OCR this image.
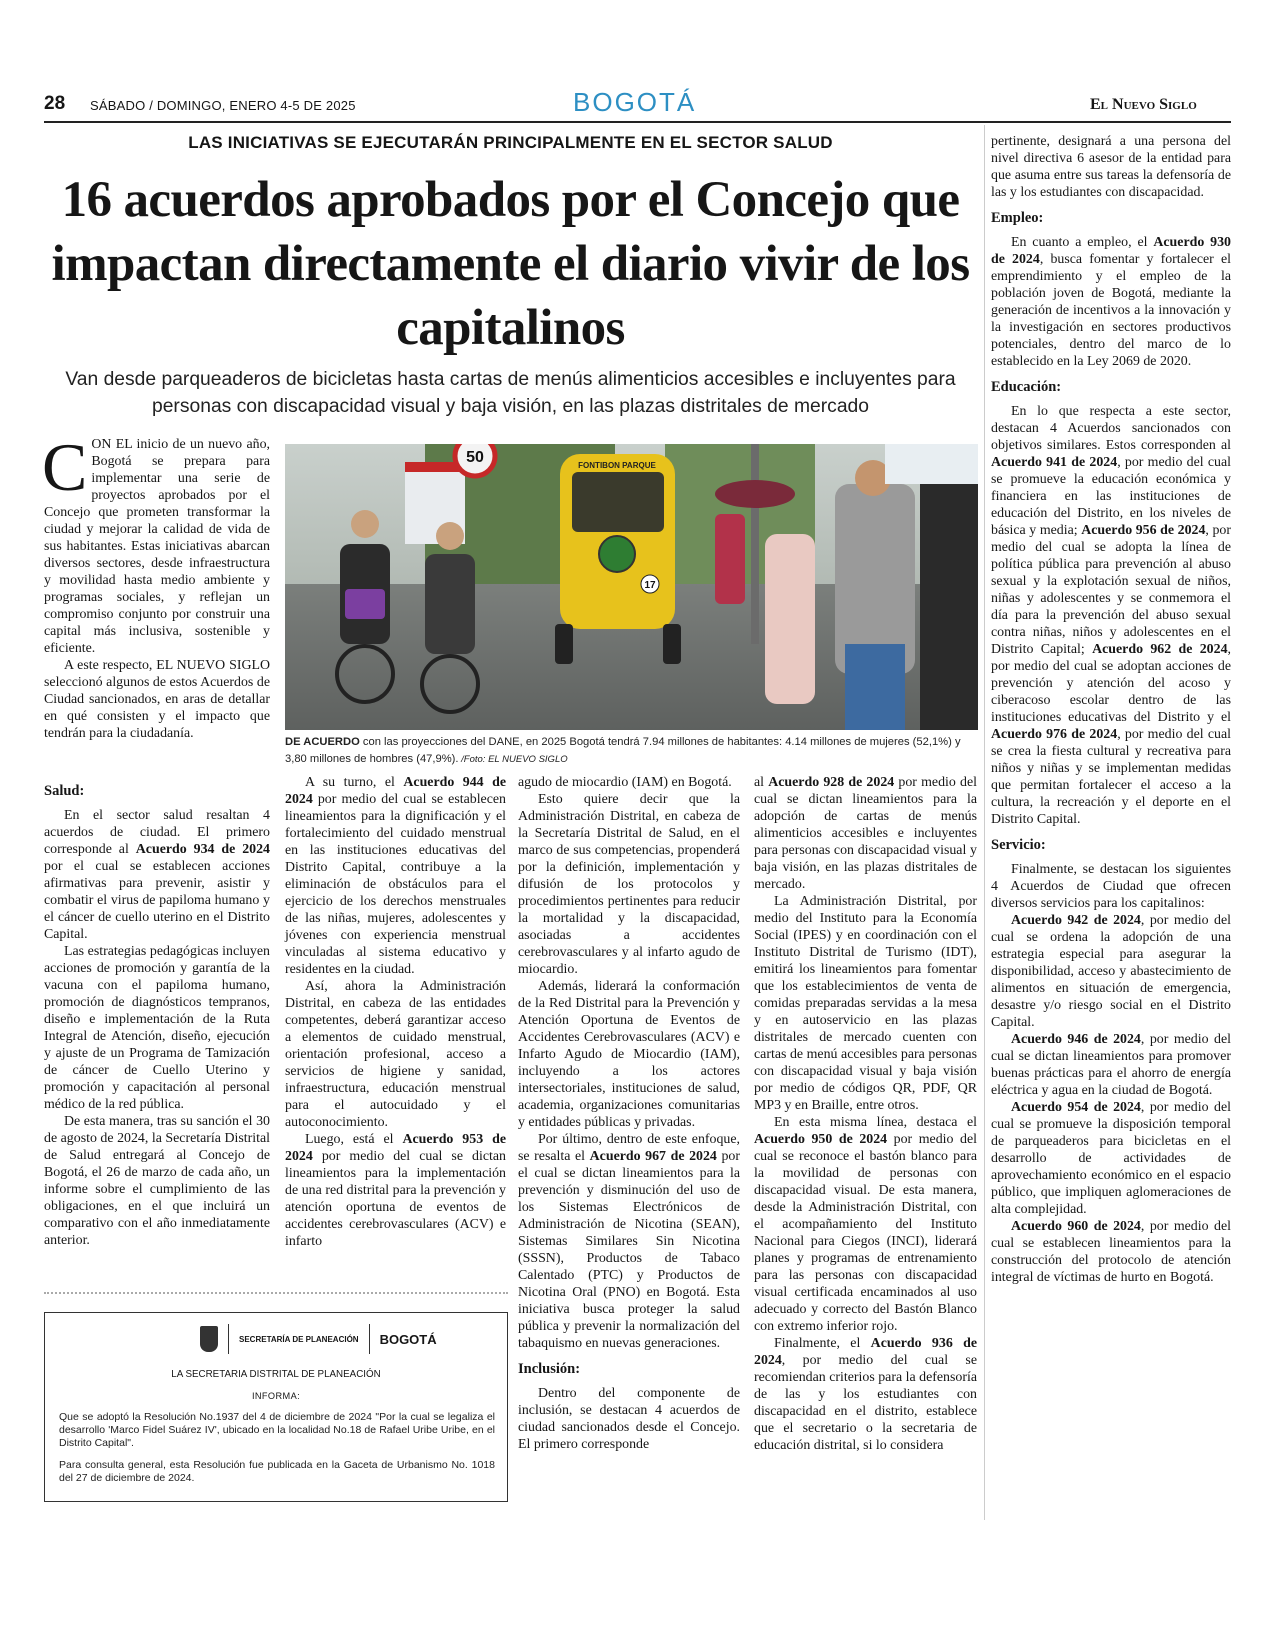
28 SÁBADO / DOMINGO, ENERO 4-5 DE 2025	BOGOTÁ	El Nuevo Siglo
LAS INICIATIVAS SE EJECUTARÁN PRINCIPALMENTE EN EL SECTOR SALUD
16 acuerdos aprobados por el Concejo que impactan directamente el diario vivir de los capitalinos
Van desde parqueaderos de bicicletas hasta cartas de menús alimenticios accesibles e incluyentes para personas con discapacidad visual y baja visión, en las plazas distritales de mercado
50	FONTIBON PARQUE
17
DE ACUERDO con las proyecciones del DANE, en 2025 Bogotá tendrá 7.94 millones de habitantes: 4.14 millones de mujeres (52,1%) y 3,80 millones de hombres (47,9%). /Foto: EL NUEVO SIGLO

CON EL inicio de un nuevo año, Bogotá se prepara para implementar una serie de proyectos aprobados por el Concejo que prometen transformar la ciudad y mejorar la calidad de vida de sus habitantes. Estas iniciativas abarcan diversos sectores, desde infraestructura y movilidad hasta medio ambiente y programas sociales, y reflejan un compromiso conjunto por construir una capital más inclusiva, sostenible y eficiente.

A este respecto, EL NUEVO SIGLO seleccionó algunos de estos Acuerdos de Ciudad sancionados, en aras de detallar en qué consisten y el impacto que tendrán para la ciudadanía.

Salud:

En el sector salud resaltan 4 acuerdos de ciudad. El primero corresponde al Acuerdo 934 de 2024 por el cual se establecen acciones afirmativas para prevenir, asistir y combatir el virus de papiloma humano y el cáncer de cuello uterino en el Distrito Capital.

Las estrategias pedagógicas incluyen acciones de promoción y garantía de la vacuna con el papiloma humano, promoción de diagnósticos tempranos, diseño e implementación de la Ruta Integral de Atención, diseño, ejecución y ajuste de un Programa de Tamización de cáncer de Cuello Uterino y promoción y capacitación al personal médico de la red pública.

De esta manera, tras su sanción el 30 de agosto de 2024, la Secretaría Distrital de Salud entregará al Concejo de Bogotá, el 26 de marzo de cada año, un informe sobre el cumplimiento de las obligaciones, en el que incluirá un comparativo con el año inmediatamente anterior.

A su turno, el Acuerdo 944 de 2024 por medio del cual se establecen lineamientos para la dignificación y el fortalecimiento del cuidado menstrual en las instituciones educativas del Distrito Capital, contribuye a la eliminación de obstáculos para el ejercicio de los derechos menstruales de las niñas, mujeres, adolescentes y jóvenes con experiencia menstrual vinculadas al sistema educativo y residentes en la ciudad.

Así, ahora la Administración Distrital, en cabeza de las entidades competentes, deberá garantizar acceso a elementos de cuidado menstrual, orientación profesional, acceso a servicios de higiene y sanidad, infraestructura, educación menstrual para el autocuidado y el autoconocimiento.

Luego, está el Acuerdo 953 de 2024 por medio del cual se dictan lineamientos para la implementación de una red distrital para la prevención y atención oportuna de eventos de accidentes cerebrovasculares (ACV) e infarto

agudo de miocardio (IAM) en Bogotá.

Esto quiere decir que la Administración Distrital, en cabeza de la Secretaría Distrital de Salud, en el marco de sus competencias, propenderá por la definición, implementación y difusión de los protocolos y procedimientos pertinentes para reducir la mortalidad y la discapacidad, asociadas a accidentes cerebrovasculares y al infarto agudo de miocardio.

Además, liderará la conformación de la Red Distrital para la Prevención y Atención Oportuna de Eventos de Accidentes Cerebrovasculares (ACV) e Infarto Agudo de Miocardio (IAM), incluyendo a los actores intersectoriales, instituciones de salud, academia, organizaciones comunitarias y entidades públicas y privadas.

Por último, dentro de este enfoque, se resalta el Acuerdo 967 de 2024 por el cual se dictan lineamientos para la prevención y disminución del uso de los Sistemas Electrónicos de Administración de Nicotina (SEAN), Sistemas Similares Sin Nicotina (SSSN), Productos de Tabaco Calentado (PTC) y Productos de Nicotina Oral (PNO) en Bogotá. Esta iniciativa busca proteger la salud pública y prevenir la normalización del tabaquismo en nuevas generaciones.

Inclusión:

Dentro del componente de inclusión, se destacan 4 acuerdos de ciudad sancionados desde el Concejo. El primero corresponde

al Acuerdo 928 de 2024 por medio del cual se dictan lineamientos para la adopción de cartas de menús alimenticios accesibles e incluyentes para personas con discapacidad visual y baja visión, en las plazas distritales de mercado.

La Administración Distrital, por medio del Instituto para la Economía Social (IPES) y en coordinación con el Instituto Distrital de Turismo (IDT), emitirá los lineamientos para fomentar que los establecimientos de venta de comidas preparadas servidas a la mesa y en autoservicio en las plazas distritales de mercado cuenten con cartas de menú accesibles para personas con discapacidad visual y baja visión por medio de códigos QR, PDF, QR MP3 y en Braille, entre otros.

En esta misma línea, destaca el Acuerdo 950 de 2024 por medio del cual se reconoce el bastón blanco para la movilidad de personas con discapacidad visual. De esta manera, desde la Administración Distrital, con el acompañamiento del Instituto Nacional para Ciegos (INCI), liderará planes y programas de entrenamiento para las personas con discapacidad visual certificada encaminados al uso adecuado y correcto del Bastón Blanco con extremo inferior rojo.

Finalmente, el Acuerdo 936 de 2024, por medio del cual se recomiendan criterios para la defensoría de las y los estudiantes con discapacidad en el distrito, establece que el secretario o la secretaria de educación distrital, si lo considera

pertinente, designará a una persona del nivel directiva 6 asesor de la entidad para que asuma entre sus tareas la defensoría de las y los estudiantes con discapacidad.

Empleo:

En cuanto a empleo, el Acuerdo 930 de 2024, busca fomentar y fortalecer el emprendimiento y el empleo de la población joven de Bogotá, mediante la generación de incentivos a la innovación y la investigación en sectores productivos potenciales, dentro del marco de lo establecido en la Ley 2069 de 2020.

Educación:

En lo que respecta a este sector, destacan 4 Acuerdos sancionados con objetivos similares. Estos corresponden al Acuerdo 941 de 2024, por medio del cual se promueve la educación económica y financiera en las instituciones de educación del Distrito, en los niveles de básica y media; Acuerdo 956 de 2024, por medio del cual se adopta la línea de política pública para prevención al abuso sexual y la explotación sexual de niños, niñas y adolescentes y se conmemora el día para la prevención del abuso sexual contra niñas, niños y adolescentes en el Distrito Capital; Acuerdo 962 de 2024, por medio del cual se adoptan acciones de prevención y atención del acoso y ciberacoso escolar dentro de las instituciones educativas del Distrito y el Acuerdo 976 de 2024, por medio del cual se crea la fiesta cultural y recreativa para niños y niñas y se implementan medidas que permitan fortalecer el acceso a la cultura, la recreación y el deporte en el Distrito Capital.

Servicio:

Finalmente, se destacan los siguientes 4 Acuerdos de Ciudad que ofrecen diversos servicios para los capitalinos:

Acuerdo 942 de 2024, por medio del cual se ordena la adopción de una estrategia especial para asegurar la disponibilidad, acceso y abastecimiento de alimentos en situación de emergencia, desastre y/o riesgo social en el Distrito Capital.

Acuerdo 946 de 2024, por medio del cual se dictan lineamientos para promover buenas prácticas para el ahorro de energía eléctrica y agua en la ciudad de Bogotá.

Acuerdo 954 de 2024, por medio del cual se promueve la disposición temporal de parqueaderos para bicicletas en el desarrollo de actividades de aprovechamiento económico en el espacio público, que impliquen aglomeraciones de alta complejidad.

Acuerdo 960 de 2024, por medio del cual se establecen lineamientos para la construcción del protocolo de atención integral de víctimas de hurto en Bogotá.

SECRETARÍA DE PLANEACIÓN BOGOTÁ
LA SECRETARIA DISTRITAL DE PLANEACIÓN
INFORMA:

Que se adoptó la Resolución No.1937 del 4 de diciembre de 2024 "Por la cual se legaliza el desarrollo 'Marco Fidel Suárez IV', ubicado en la localidad No.18 de Rafael Uribe Uribe, en el Distrito Capital".

Para consulta general, esta Resolución fue publicada en la Gaceta de Urbanismo No. 1018 del 27 de diciembre de 2024.
